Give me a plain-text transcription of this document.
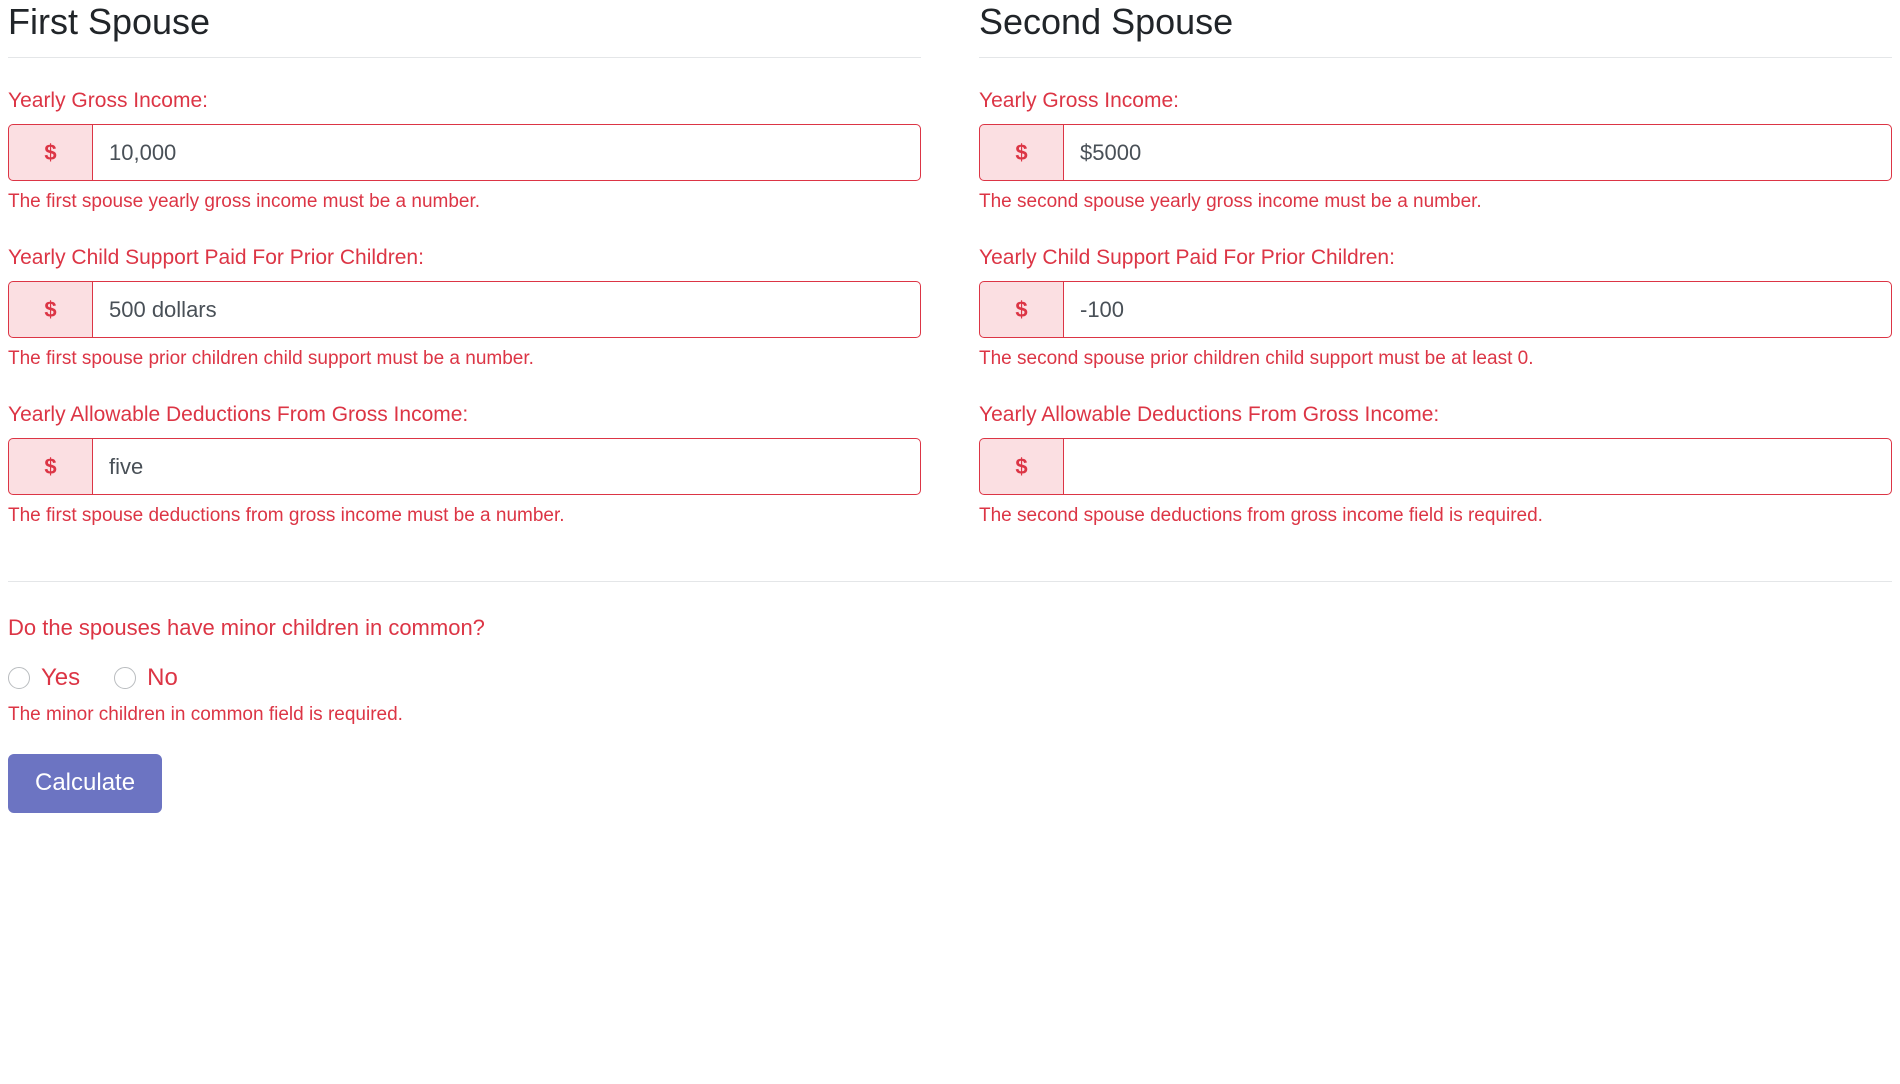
First Spouse
Yearly Gross Income:
$
10,000
The first spouse yearly gross income must be a number.
Yearly Child Support Paid For Prior Children:
$
500 dollars
The first spouse prior children child support must be a number.
Yearly Allowable Deductions From Gross Income:
$
five
The first spouse deductions from gross income must be a number.
Second Spouse
Yearly Gross Income:
$
$5000
The second spouse yearly gross income must be a number.
Yearly Child Support Paid For Prior Children:
$
-100
The second spouse prior children child support must be at least 0.
Yearly Allowable Deductions From Gross Income:
$
The second spouse deductions from gross income field is required.
Do the spouses have minor children in common?
Yes	No
The minor children in common field is required.
Calculate
